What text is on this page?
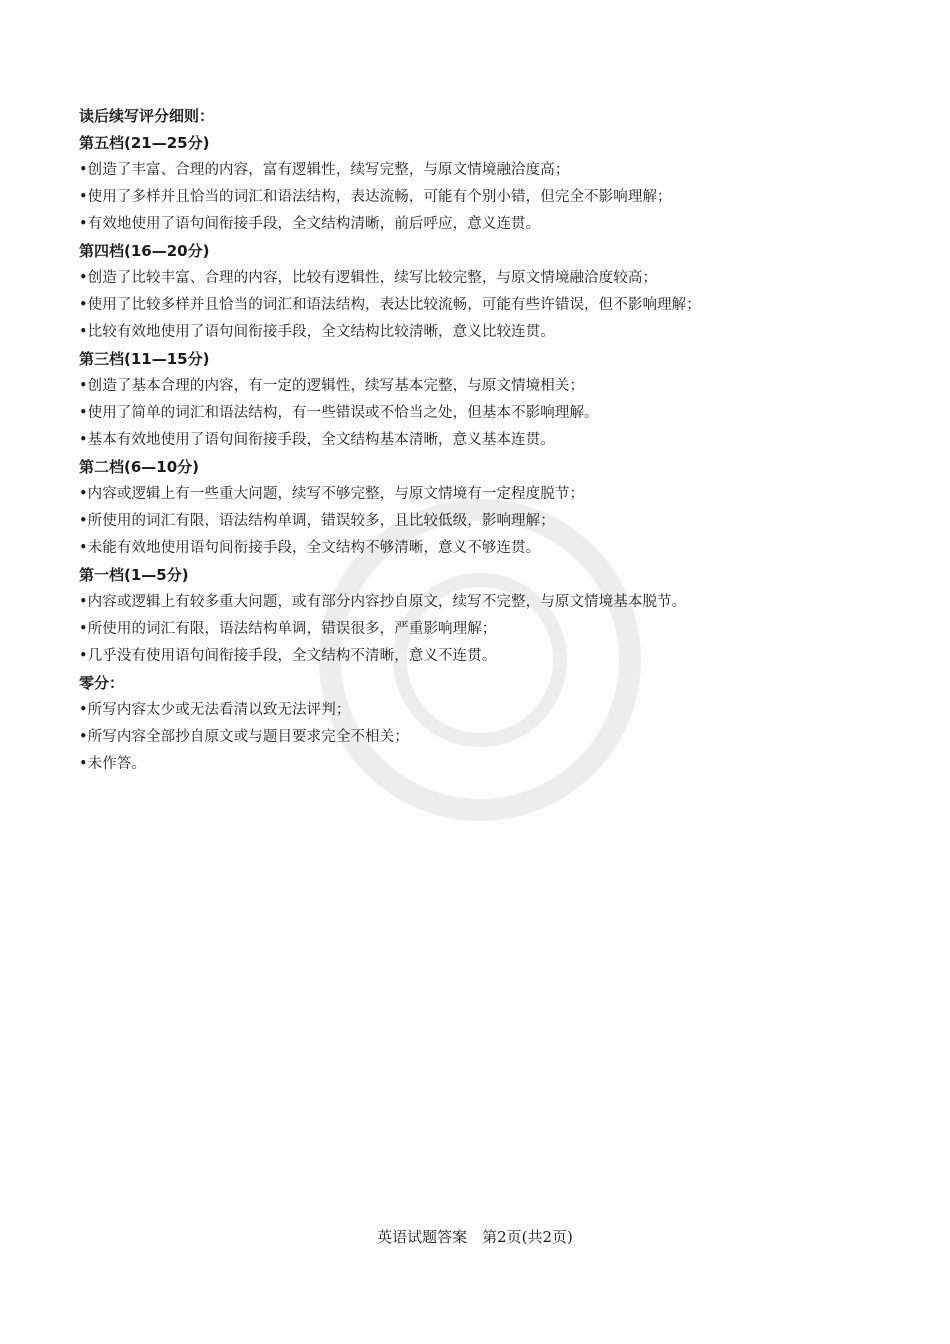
读后续写评分细则：
第五档(21—25分)
•创造了丰富、合理的内容，富有逻辑性，续写完整，与原文情境融洽度高；
•使用了多样并且恰当的词汇和语法结构，表达流畅，可能有个别小错，但完全不影响理解；
•有效地使用了语句间衔接手段，全文结构清晰，前后呼应，意义连贯。
第四档(16—20分)
•创造了比较丰富、合理的内容，比较有逻辑性，续写比较完整，与原文情境融洽度较高；
•使用了比较多样并且恰当的词汇和语法结构，表达比较流畅，可能有些许错误，但不影响理解；
•比较有效地使用了语句间衔接手段，全文结构比较清晰，意义比较连贯。
第三档(11—15分)
•创造了基本合理的内容，有一定的逻辑性，续写基本完整，与原文情境相关；
•使用了简单的词汇和语法结构，有一些错误或不恰当之处，但基本不影响理解。
•基本有效地使用了语句间衔接手段，全文结构基本清晰，意义基本连贯。
第二档(6—10分)
•内容或逻辑上有一些重大问题，续写不够完整，与原文情境有一定程度脱节；
•所使用的词汇有限，语法结构单调，错误较多，且比较低级，影响理解；
•未能有效地使用语句间衔接手段，全文结构不够清晰，意义不够连贯。
第一档(1—5分)
•内容或逻辑上有较多重大问题，或有部分内容抄自原文，续写不完整，与原文情境基本脱节。
•所使用的词汇有限，语法结构单调，错误很多，严重影响理解；
•几乎没有使用语句间衔接手段，全文结构不清晰，意义不连贯。
零分：
•所写内容太少或无法看清以致无法评判；
•所写内容全部抄自原文或与题目要求完全不相关；
•未作答。
英语试题答案　第2页(共2页)
